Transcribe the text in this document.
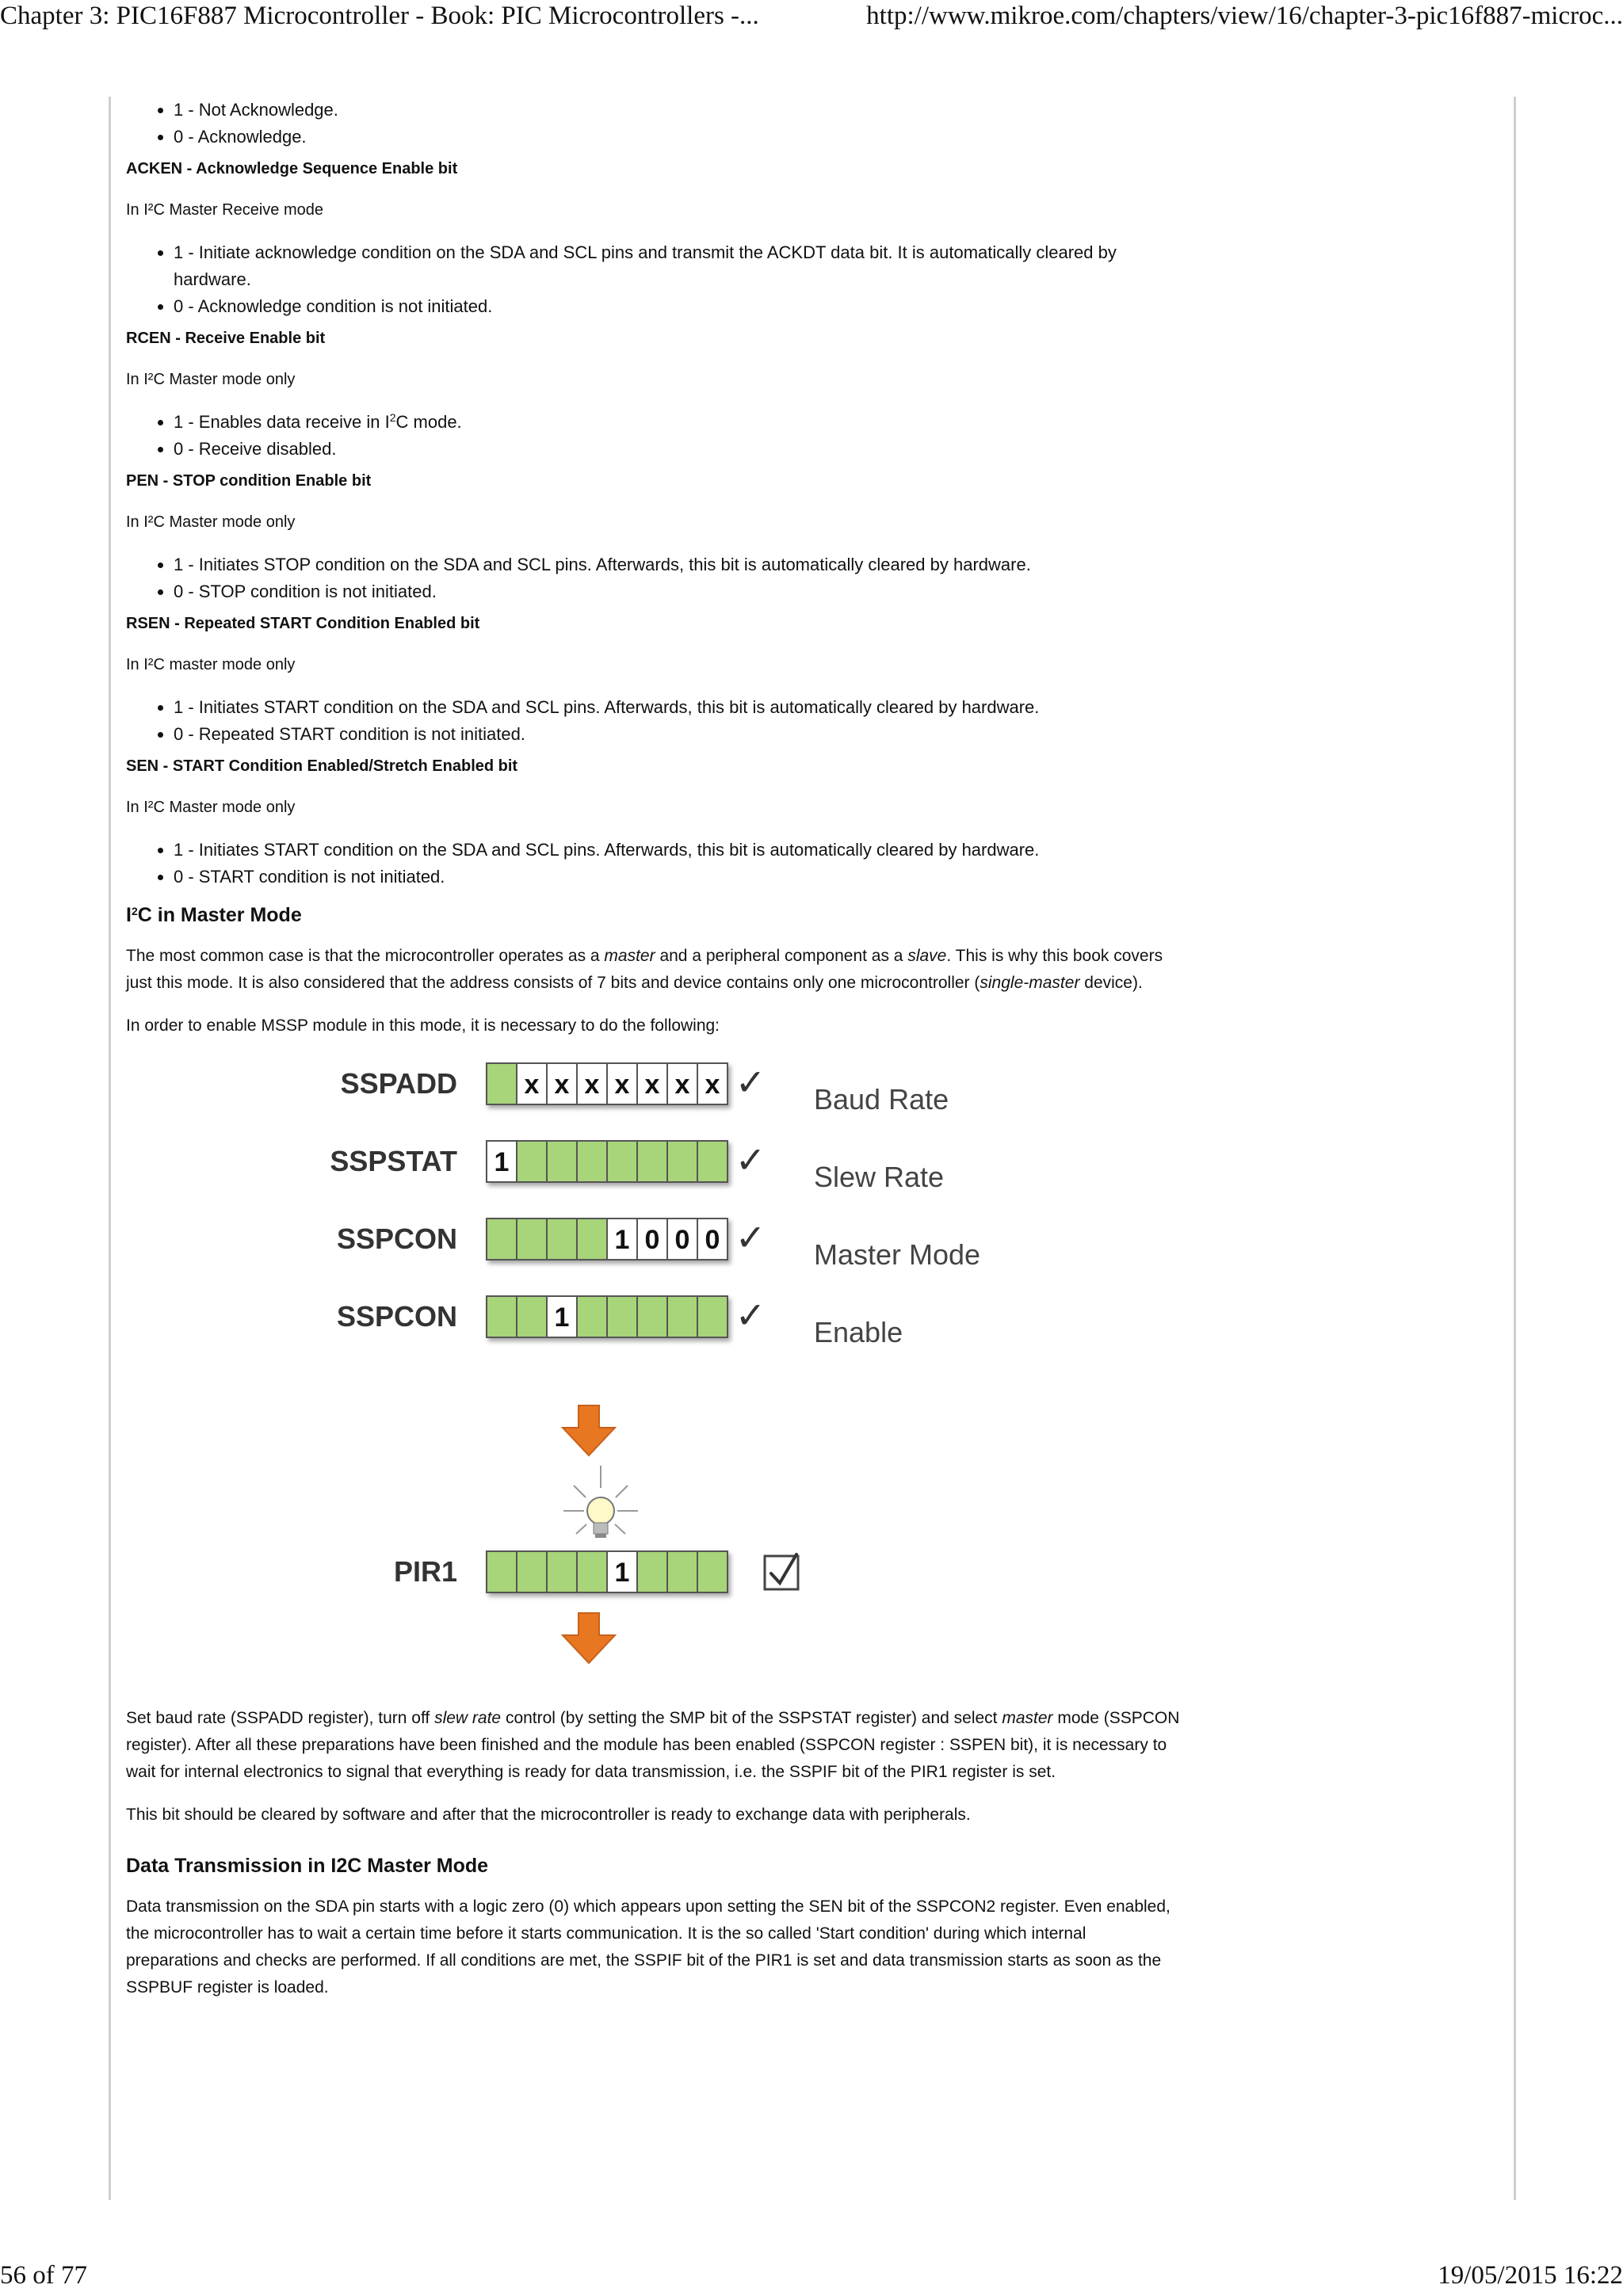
Chapter 3: PIC16F887 Microcontroller - Book: PIC Microcontrollers -...	http://www.mikroe.com/chapters/view/16/chapter-3-pic16f887-microc...
• 1 - Not Acknowledge.
• 0 - Acknowledge.
ACKEN - Acknowledge Sequence Enable bit

In I²C Master Receive mode

• 1 - Initiate acknowledge condition on the SDA and SCL pins and transmit the ACKDT data bit. It is automatically cleared by hardware.
• 0 - Acknowledge condition is not initiated.
RCEN - Receive Enable bit

In I²C Master mode only

• 1 - Enables data receive in $I^2C$ mode.
• 0 - Receive disabled.
PEN - STOP condition Enable bit

In I²C Master mode only

• 1 - Initiates STOP condition on the SDA and SCL pins. Afterwards, this bit is automatically cleared by hardware.
• 0 - STOP condition is not initiated.
RSEN - Repeated START Condition Enabled bit

In I²C master mode only

• 1 - Initiates START condition on the SDA and SCL pins. Afterwards, this bit is automatically cleared by hardware.
• 0 - Repeated START condition is not initiated.
SEN - START Condition Enabled/Stretch Enabled bit

In I²C Master mode only

• 1 - Initiates START condition on the SDA and SCL pins. Afterwards, this bit is automatically cleared by hardware.
• 0 - START condition is not initiated.
$I^2C$ in Master Mode

The most common case is that the microcontroller operates as a master and a peripheral component as a slave. This is why this book covers just this mode. It is also considered that the address consists of 7 bits and device contains only one microcontroller (single-master device).

In order to enable MSSP module in this mode, it is necessary to do the following:

SSPADD x x x x x x x ✓ Baud Rate
SSPSTAT 1	✓ Slew Rate
SSPCON	1 0 0 0 ✓ Master Mode
SSPCON	1	✓ Enable
PIR1	1

Set baud rate (SSPADD register), turn off slew rate control (by setting the SMP bit of the SSPSTAT register) and select master mode (SSPCON register). After all these preparations have been finished and the module has been enabled (SSPCON register : SSPEN bit), it is necessary to wait for internal electronics to signal that everything is ready for data transmission, i.e. the SSPIF bit of the PIR1 register is set.

This bit should be cleared by software and after that the microcontroller is ready to exchange data with peripherals.

Data Transmission in I2C Master Mode

Data transmission on the SDA pin starts with a logic zero (0) which appears upon setting the SEN bit of the SSPCON2 register. Even enabled, the microcontroller has to wait a certain time before it starts communication. It is the so called 'Start condition' during which internal preparations and checks are performed. If all conditions are met, the SSPIF bit of the PIR1 is set and data transmission starts as soon as the SSPBUF register is loaded.

56 of 77	19/05/2015 16:22
